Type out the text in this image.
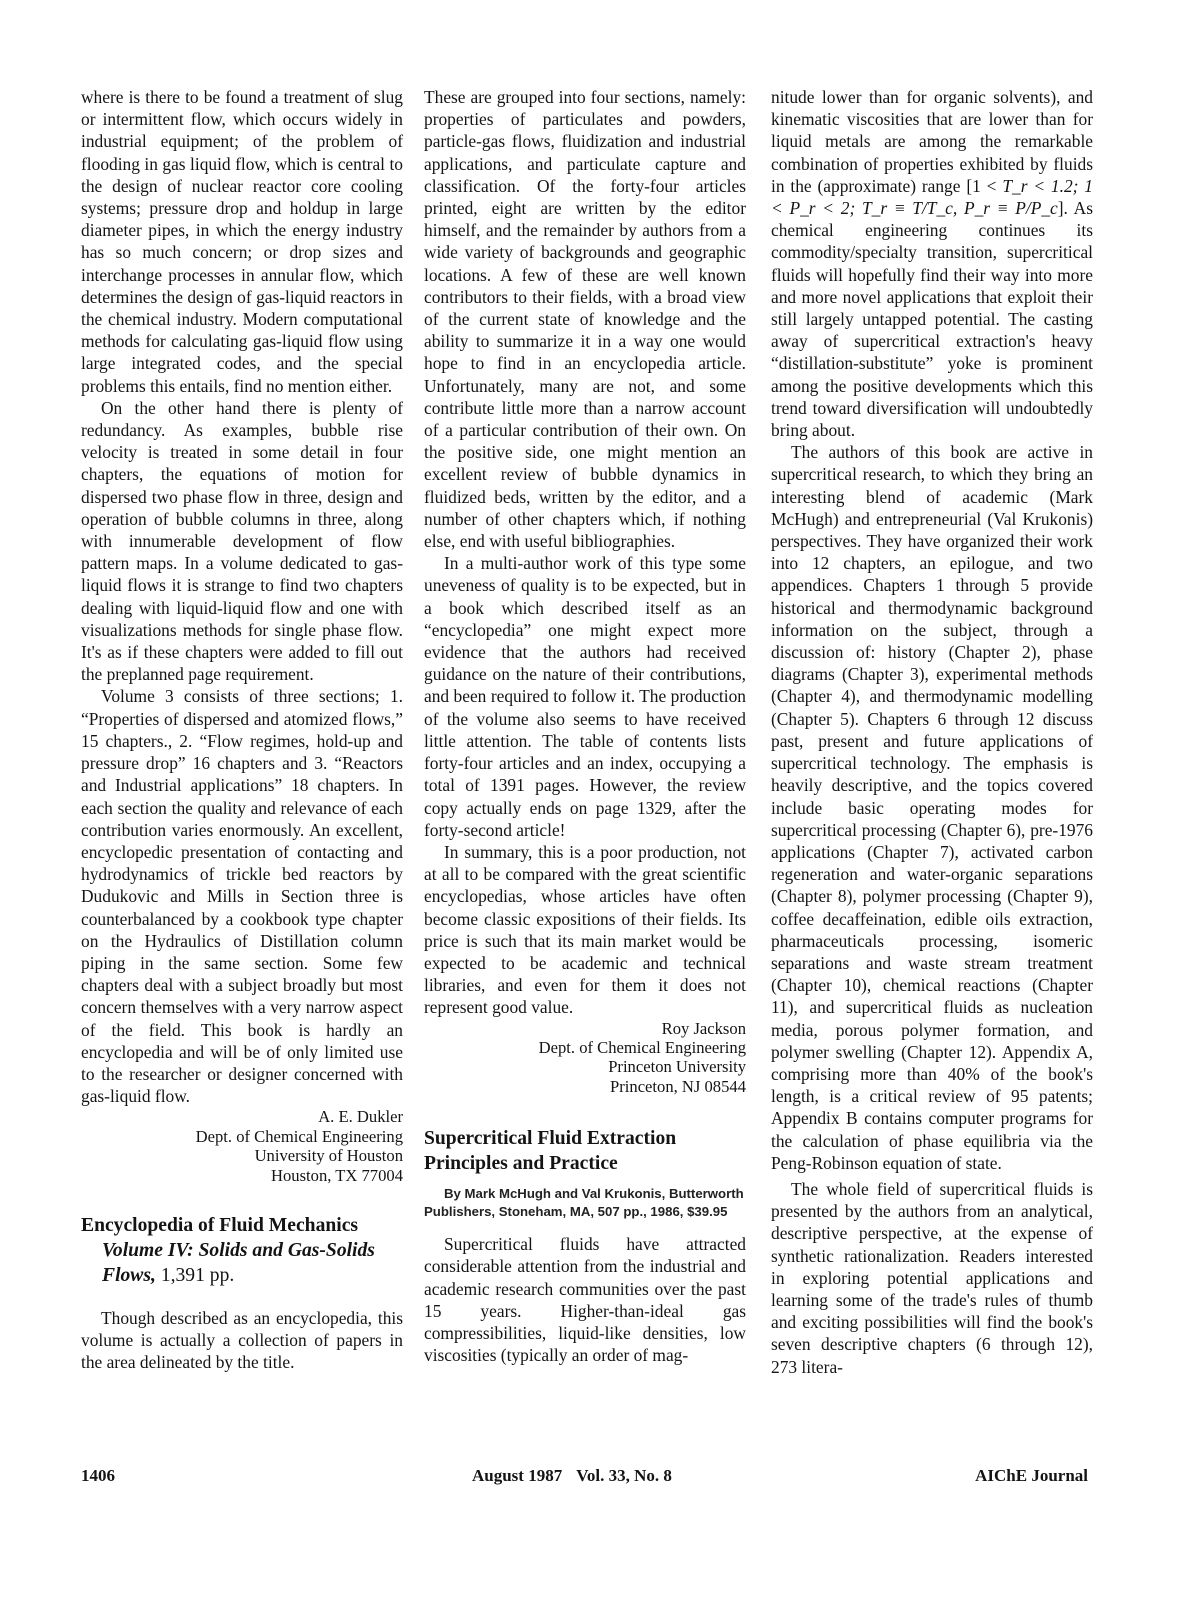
where is there to be found a treatment of slug or intermittent flow, which occurs widely in industrial equipment; of the problem of flooding in gas liquid flow, which is central to the design of nuclear reactor core cooling systems; pressure drop and holdup in large diameter pipes, in which the energy industry has so much concern; or drop sizes and interchange processes in annular flow, which determines the design of gas-liquid reactors in the chemical industry. Modern computational methods for calculating gas-liquid flow using large integrated codes, and the special problems this entails, find no mention either.

On the other hand there is plenty of redundancy. As examples, bubble rise velocity is treated in some detail in four chapters, the equations of motion for dispersed two phase flow in three, design and operation of bubble columns in three, along with innumerable development of flow pattern maps. In a volume dedicated to gas-liquid flows it is strange to find two chapters dealing with liquid-liquid flow and one with visualizations methods for single phase flow. It's as if these chapters were added to fill out the preplanned page requirement.

Volume 3 consists of three sections; 1. “Properties of dispersed and atomized flows,” 15 chapters., 2. “Flow regimes, hold-up and pressure drop” 16 chapters and 3. “Reactors and Industrial applications” 18 chapters. In each section the quality and relevance of each contribution varies enormously. An excellent, encyclopedic presentation of contacting and hydrodynamics of trickle bed reactors by Dudukovic and Mills in Section three is counterbalanced by a cookbook type chapter on the Hydraulics of Distillation column piping in the same section. Some few chapters deal with a subject broadly but most concern themselves with a very narrow aspect of the field. This book is hardly an encyclopedia and will be of only limited use to the researcher or designer concerned with gas-liquid flow.

A. E. Dukler
Dept. of Chemical Engineering
University of Houston
Houston, TX 77004
Encyclopedia of Fluid Mechanics
Volume IV: Solids and Gas-Solids Flows, 1,391 pp.

Though described as an encyclopedia, this volume is actually a collection of papers in the area delineated by the title.

These are grouped into four sections, namely: properties of particulates and powders, particle-gas flows, fluidization and industrial applications, and particulate capture and classification. Of the forty-four articles printed, eight are written by the editor himself, and the remainder by authors from a wide variety of backgrounds and geographic locations. A few of these are well known contributors to their fields, with a broad view of the current state of knowledge and the ability to summarize it in a way one would hope to find in an encyclopedia article. Unfortunately, many are not, and some contribute little more than a narrow account of a particular contribution of their own. On the positive side, one might mention an excellent review of bubble dynamics in fluidized beds, written by the editor, and a number of other chapters which, if nothing else, end with useful bibliographies.

In a multi-author work of this type some uneveness of quality is to be expected, but in a book which described itself as an “encyclopedia” one might expect more evidence that the authors had received guidance on the nature of their contributions, and been required to follow it. The production of the volume also seems to have received little attention. The table of contents lists forty-four articles and an index, occupying a total of 1391 pages. However, the review copy actually ends on page 1329, after the forty-second article!

In summary, this is a poor production, not at all to be compared with the great scientific encyclopedias, whose articles have often become classic expositions of their fields. Its price is such that its main market would be expected to be academic and technical libraries, and even for them it does not represent good value.

Roy Jackson
Dept. of Chemical Engineering
Princeton University
Princeton, NJ 08544
Supercritical Fluid Extraction
Principles and Practice

By Mark McHugh and Val Krukonis, Butterworth Publishers, Stoneham, MA, 507 pp., 1986, $39.95

Supercritical fluids have attracted considerable attention from the industrial and academic research communities over the past 15 years. Higher-than-ideal gas compressibilities, liquid-like densities, low viscosities (typically an order of mag-

nitude lower than for organic solvents), and kinematic viscosities that are lower than for liquid metals are among the remarkable combination of properties exhibited by fluids in the (approximate) range [1 < T_r < 1.2; 1 < P_r < 2; T_r ≡ T/T_c, P_r ≡ P/P_c]. As chemical engineering continues its commodity/specialty transition, supercritical fluids will hopefully find their way into more and more novel applications that exploit their still largely untapped potential. The casting away of supercritical extraction's heavy “distillation-substitute” yoke is prominent among the positive developments which this trend toward diversification will undoubtedly bring about.

The authors of this book are active in supercritical research, to which they bring an interesting blend of academic (Mark McHugh) and entrepreneurial (Val Krukonis) perspectives. They have organized their work into 12 chapters, an epilogue, and two appendices. Chapters 1 through 5 provide historical and thermodynamic background information on the subject, through a discussion of: history (Chapter 2), phase diagrams (Chapter 3), experimental methods (Chapter 4), and thermodynamic modelling (Chapter 5). Chapters 6 through 12 discuss past, present and future applications of supercritical technology. The emphasis is heavily descriptive, and the topics covered include basic operating modes for supercritical processing (Chapter 6), pre-1976 applications (Chapter 7), activated carbon regeneration and water-organic separations (Chapter 8), polymer processing (Chapter 9), coffee decaffeination, edible oils extraction, pharmaceuticals processing, isomeric separations and waste stream treatment (Chapter 10), chemical reactions (Chapter 11), and supercritical fluids as nucleation media, porous polymer formation, and polymer swelling (Chapter 12). Appendix A, comprising more than 40% of the book's length, is a critical review of 95 patents; Appendix B contains computer programs for the calculation of phase equilibria via the Peng-Robinson equation of state.

The whole field of supercritical fluids is presented by the authors from an analytical, descriptive perspective, at the expense of synthetic rationalization. Readers interested in exploring potential applications and learning some of the trade's rules of thumb and exciting possibilities will find the book's seven descriptive chapters (6 through 12), 273 litera-

1406	August 1987 Vol. 33, No. 8	AIChE Journal
